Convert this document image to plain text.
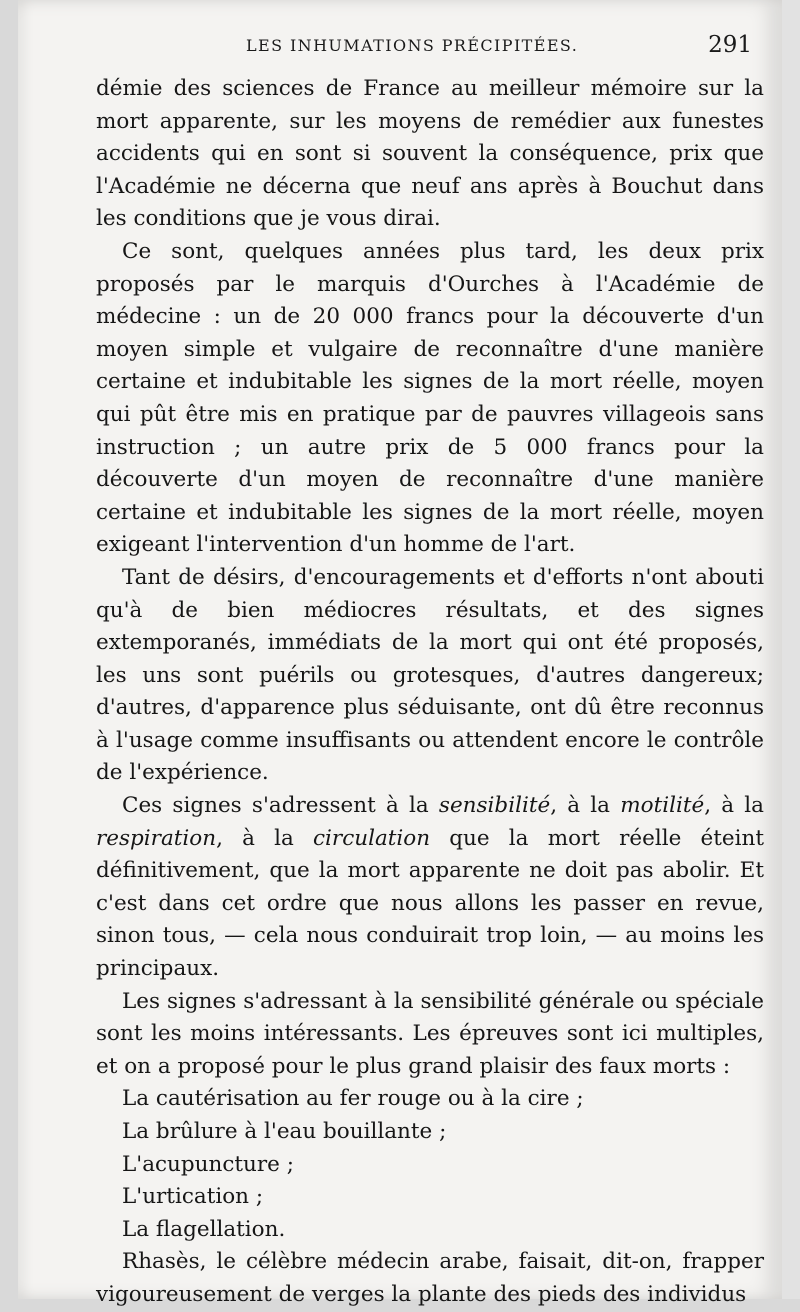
LES INHUMATIONS PRÉCIPITÉES.	291

démie des sciences de France au meilleur mémoire sur la mort apparente, sur les moyens de remédier aux funestes accidents qui en sont si souvent la conséquence, prix que l'Académie ne décerna que neuf ans après à Bouchut dans les conditions que je vous dirai.

Ce sont, quelques années plus tard, les deux prix proposés par le marquis d'Ourches à l'Académie de médecine : un de 20 000 francs pour la découverte d'un moyen simple et vulgaire de reconnaître d'une manière certaine et indubitable les signes de la mort réelle, moyen qui pût être mis en pratique par de pauvres villageois sans instruction ; un autre prix de 5 000 francs pour la découverte d'un moyen de reconnaître d'une manière certaine et indubitable les signes de la mort réelle, moyen exigeant l'intervention d'un homme de l'art.

Tant de désirs, d'encouragements et d'efforts n'ont abouti qu'à de bien médiocres résultats, et des signes extemporanés, immédiats de la mort qui ont été proposés, les uns sont puérils ou grotesques, d'autres dangereux; d'autres, d'apparence plus séduisante, ont dû être reconnus à l'usage comme insuffisants ou attendent encore le contrôle de l'expérience.

Ces signes s'adressent à la sensibilité, à la motilité, à la respiration, à la circulation que la mort réelle éteint définitivement, que la mort apparente ne doit pas abolir. Et c'est dans cet ordre que nous allons les passer en revue, sinon tous, — cela nous conduirait trop loin, — au moins les principaux.

Les signes s'adressant à la sensibilité générale ou spéciale sont les moins intéressants. Les épreuves sont ici multiples, et on a proposé pour le plus grand plaisir des faux morts :

La cautérisation au fer rouge ou à la cire ;

La brûlure à l'eau bouillante ;

L'acupuncture ;

L'urtication ;

La flagellation.

Rhasès, le célèbre médecin arabe, faisait, dit-on, frapper vigoureusement de verges la plante des pieds des individus
